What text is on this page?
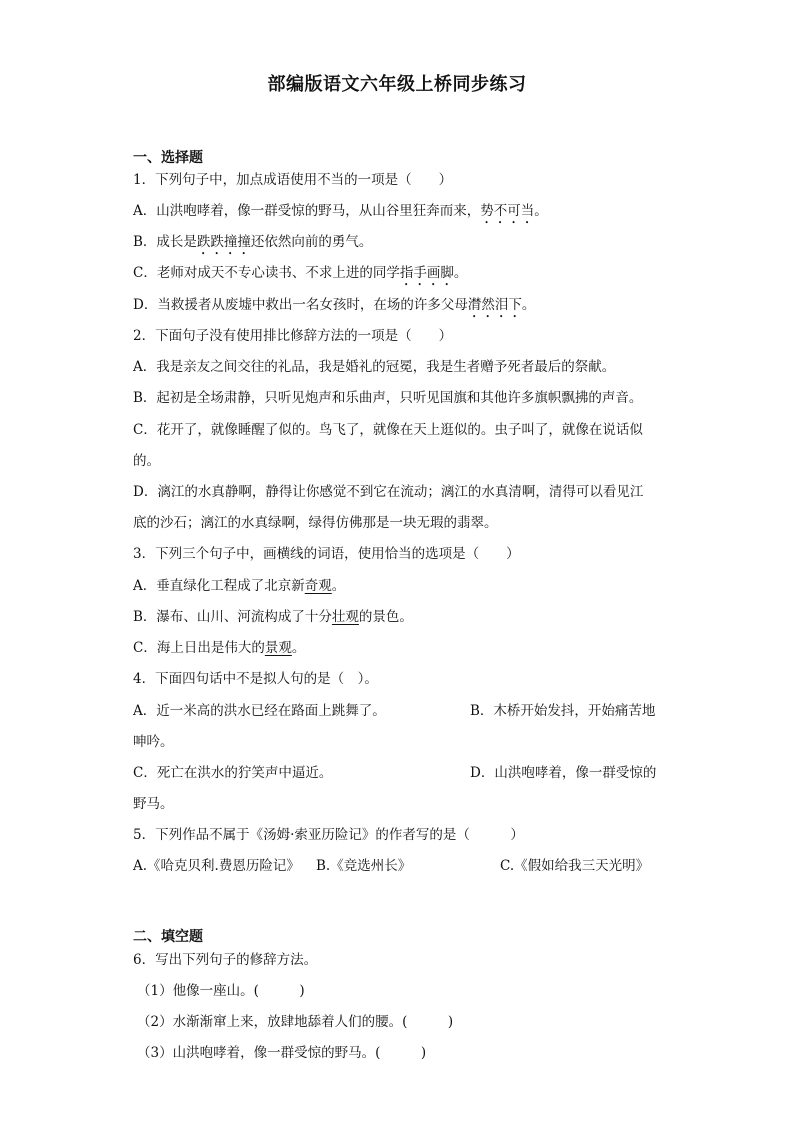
部编版语文六年级上桥同步练习
一、选择题
1．下列句子中，加点成语使用不当的一项是（　　）
A．山洪咆哮着，像一群受惊的野马，从山谷里狂奔而来，势不可当。
B．成长是跌跌撞撞还依然向前的勇气。
C．老师对成天不专心读书、不求上进的同学指手画脚。
D．当救援者从废墟中救出一名女孩时，在场的许多父母潸然泪下。
2．下面句子没有使用排比修辞方法的一项是（　　）
A．我是亲友之间交往的礼品，我是婚礼的冠冕，我是生者赠予死者最后的祭献。
B．起初是全场肃静，只听见炮声和乐曲声，只听见国旗和其他许多旗帜飘拂的声音。
C．花开了，就像睡醒了似的。鸟飞了，就像在天上逛似的。虫子叫了，就像在说话似
的。
D．漓江的水真静啊，静得让你感觉不到它在流动；漓江的水真清啊，清得可以看见江
底的沙石；漓江的水真绿啊，绿得仿佛那是一块无瑕的翡翠。
3．下列三个句子中，画横线的词语，使用恰当的选项是（　　）
A．垂直绿化工程成了北京新奇观。
B．瀑布、山川、河流构成了十分壮观的景色。
C．海上日出是伟大的景观。
4．下面四句话中不是拟人句的是（　）。
A．近一米高的洪水已经在路面上跳舞了。	B．木桥开始发抖，开始痛苦地
呻吟。
C．死亡在洪水的狞笑声中逼近。	D．山洪咆哮着，像一群受惊的
野马。
5．下列作品不属于《汤姆·索亚历险记》的作者写的是（　　　）
A.《哈克贝利.费恩历险记》 B.《竞选州长》	C.《假如给我三天光明》
二、填空题
6．写出下列句子的修辞方法。
（1）他像一座山。(　　　)
（2）水渐渐窜上来，放肆地舔着人们的腰。(　　　)
（3）山洪咆哮着，像一群受惊的野马。(　　　)
